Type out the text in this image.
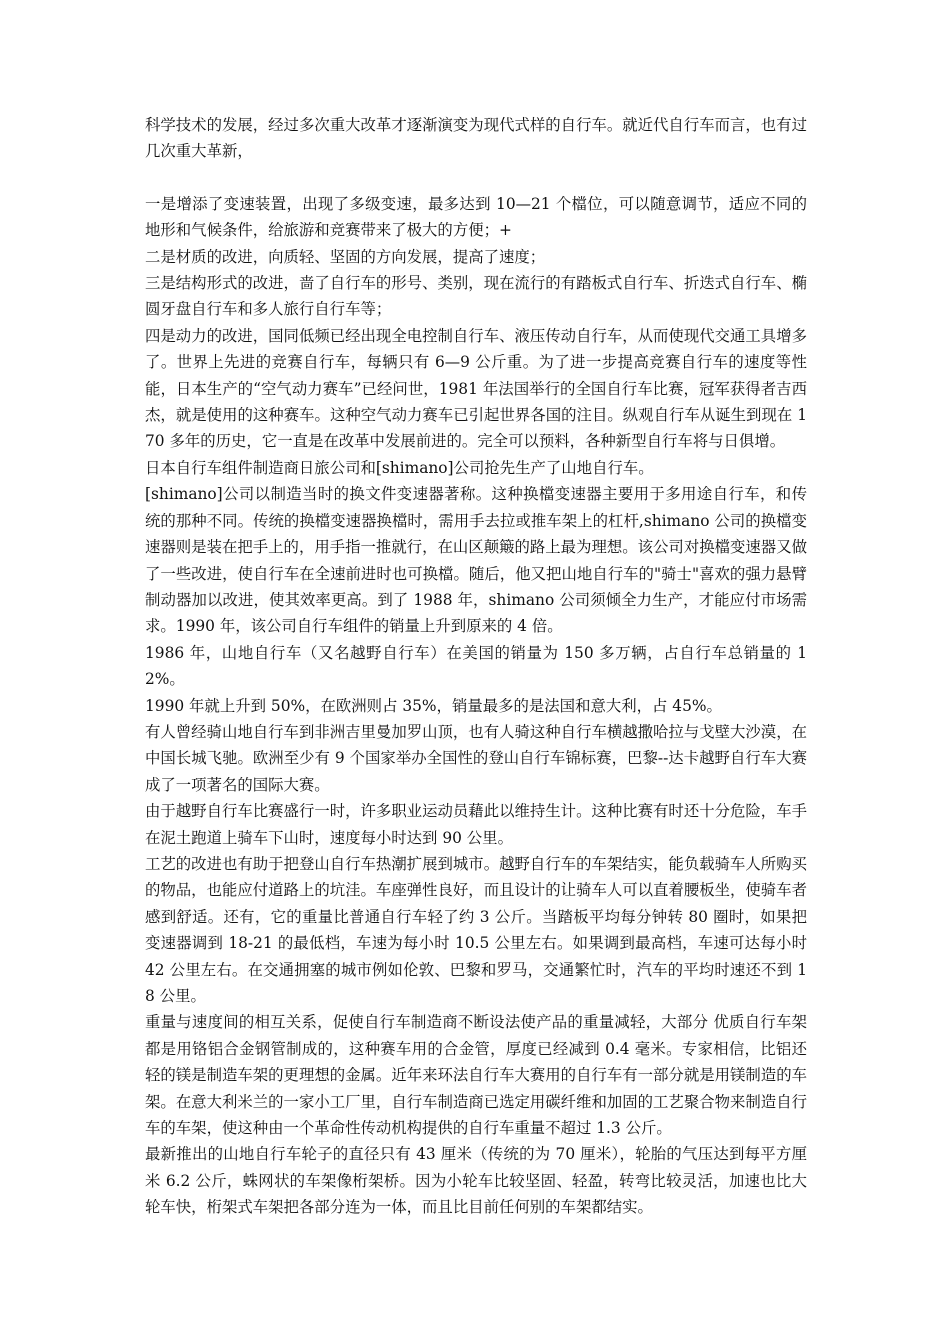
科学技术的发展，经过多次重大改革才逐渐演变为现代式样的自行车。就近代自行车而言，也有过几次重大革新，

一是增添了变速装置，出现了多级变速，最多达到 10—21 个檔位，可以随意调节，适应不同的地形和气候条件，给旅游和竞赛带来了极大的方便；+

二是材质的改进，向质轻、坚固的方向发展，提高了速度；

三是结构形式的改进，啬了自行车的形号、类别，现在流行的有踏板式自行车、折迭式自行车、椭圆牙盘自行车和多人旅行自行车等；

四是动力的改进，国同低频已经出现全电控制自行车、液压传动自行车，从而使现代交通工具增多了。世界上先进的竞赛自行车，每辆只有 6—9 公斤重。为了进一步提高竞赛自行车的速度等性能，日本生产的“空气动力赛车”已经问世，1981 年法国举行的全国自行车比赛，冠军获得者吉西杰，就是使用的这种赛车。这种空气动力赛车已引起世界各国的注目。纵观自行车从诞生到现在 170 多年的历史，它一直是在改革中发展前进的。完全可以预料，各种新型自行车将与日俱增。

日本自行车组件制造商日旅公司和[shimano]公司抢先生产了山地自行车。

[shimano]公司以制造当时的换文件变速器著称。这种换檔变速器主要用于多用途自行车，和传统的那种不同。传统的换檔变速器换檔时，需用手去拉或推车架上的杠杆,shimano 公司的换檔变速器则是装在把手上的，用手指一推就行，在山区颠簸的路上最为理想。该公司对换檔变速器又做了一些改进，使自行车在全速前进时也可换檔。随后，他又把山地自行车的"骑士"喜欢的强力悬臂制动器加以改进，使其效率更高。到了 1988 年，shimano 公司须倾全力生产，才能应付市场需求。1990 年，该公司自行车组件的销量上升到原来的 4 倍。

1986 年，山地自行车（又名越野自行车）在美国的销量为 150 多万辆，占自行车总销量的 12%。

1990 年就上升到 50%，在欧洲则占 35%，销量最多的是法国和意大利，占 45%。

有人曾经骑山地自行车到非洲吉里曼加罗山顶，也有人骑这种自行车横越撒哈拉与戈壁大沙漠，在中国长城飞驰。欧洲至少有 9 个国家举办全国性的登山自行车锦标赛，巴黎--达卡越野自行车大赛成了一项著名的国际大赛。

由于越野自行车比赛盛行一时，许多职业运动员藉此以维持生计。这种比赛有时还十分危险，车手在泥土跑道上骑车下山时，速度每小时达到 90 公里。

工艺的改进也有助于把登山自行车热潮扩展到城市。越野自行车的车架结实，能负载骑车人所购买的物品，也能应付道路上的坑洼。车座弹性良好，而且设计的让骑车人可以直着腰板坐，使骑车者感到舒适。还有，它的重量比普通自行车轻了约 3 公斤。当踏板平均每分钟转 80 圈时，如果把变速器调到 18-21 的最低档，车速为每小时 10.5 公里左右。如果调到最高档，车速可达每小时 42 公里左右。在交通拥塞的城市例如伦敦、巴黎和罗马，交通繁忙时，汽车的平均时速还不到 18 公里。

重量与速度间的相互关系，促使自行车制造商不断设法使产品的重量减轻，大部分 优质自行车架都是用铬铝合金钢管制成的，这种赛车用的合金管，厚度已经减到 0.4 毫米。专家相信，比铝还轻的镁是制造车架的更理想的金属。近年来环法自行车大赛用的自行车有一部分就是用镁制造的车架。在意大利米兰的一家小工厂里，自行车制造商已选定用碳纤维和加固的工艺聚合物来制造自行车的车架，使这种由一个革命性传动机构提供的自行车重量不超过 1.3 公斤。

最新推出的山地自行车轮子的直径只有 43 厘米（传统的为 70 厘米），轮胎的气压达到每平方厘米 6.2 公斤，蛛网状的车架像桁架桥。因为小轮车比较坚固、轻盈，转弯比较灵活，加速也比大轮车快，桁架式车架把各部分连为一体，而且比目前任何别的车架都结实。
